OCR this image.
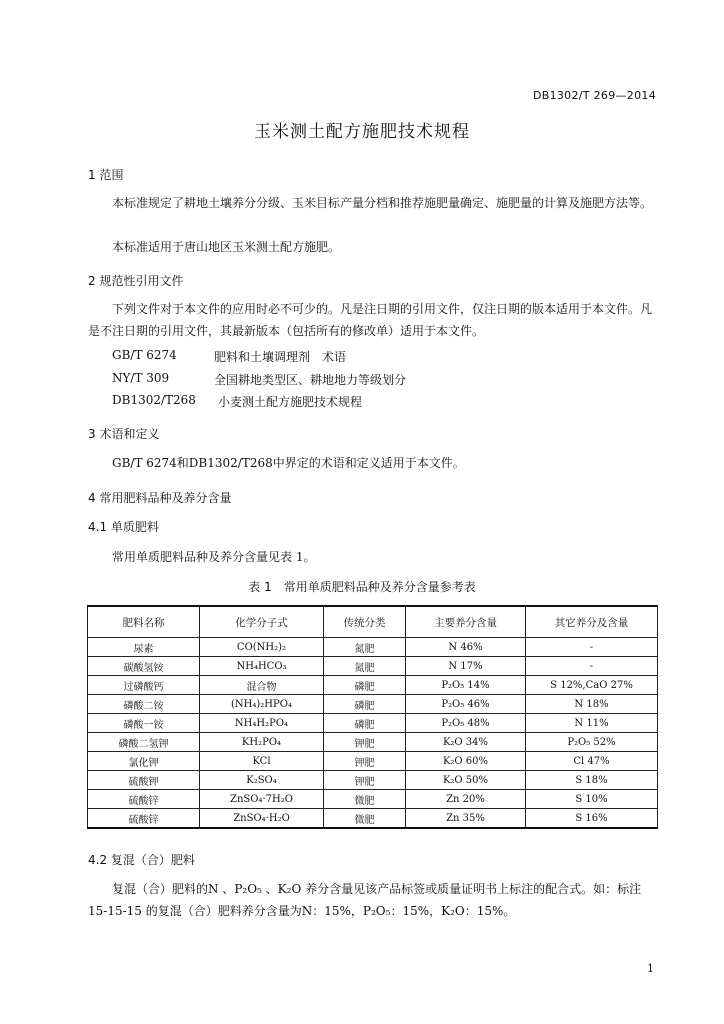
DB1302/T 269—2014
玉米测土配方施肥技术规程
1 范围
本标准规定了耕地土壤养分分级、玉米目标产量分档和推荐施肥量确定、施肥量的计算及施肥方法等。
本标准适用于唐山地区玉米测土配方施肥。
2 规范性引用文件
下列文件对于本文件的应用时必不可少的。凡是注日期的引用文件，仅注日期的版本适用于本文件。凡是不注日期的引用文件，其最新版本（包括所有的修改单）适用于本文件。
GB/T 6274	肥料和土壤调理剂　术语
NY/T 309	全国耕地类型区、耕地地力等级划分
DB1302/T268 小麦测土配方施肥技术规程
3 术语和定义
GB/T 6274和DB1302/T268中界定的术语和定义适用于本文件。
4 常用肥料品种及养分含量
4.1 单质肥料
常用单质肥料品种及养分含量见表 1。
表 1　常用单质肥料品种及养分含量参考表
肥料名称	化学分子式	传统分类	主要养分含量	其它养分及含量
尿素	CO(NH₂)₂	氮肥	N 46%	-
碳酸氢铵	NH₄HCO₃	氮肥	N 17%	-
过磷酸钙	混合物	磷肥	P₂O₅ 14%	S 12%,CaO 27%
磷酸二铵	(NH₄)₂HPO₄	磷肥	P₂O₅ 46%	N 18%
磷酸一铵	NH₄H₂PO₄	磷肥	P₂O₅ 48%	N 11%
磷酸二氢钾	KH₂PO₄	钾肥	K₂O 34%	P₂O₅ 52%
氯化钾	KCl	钾肥	K₂O 60%	Cl 47%
硫酸钾	K₂SO₄	钾肥	K₂O 50%	S 18%
硫酸锌	ZnSO₄·7H₂O	微肥	Zn 20%	S 10%
硫酸锌	ZnSO₄·H₂O	微肥	Zn 35%	S 16%
4.2 复混（合）肥料
复混（合）肥料的N 、P₂O₅ 、K₂O 养分含量见该产品标签或质量证明书上标注的配合式。如：标注 15-15-15 的复混（合）肥料养分含量为N：15%，P₂O₅：15%，K₂O：15%。
1
